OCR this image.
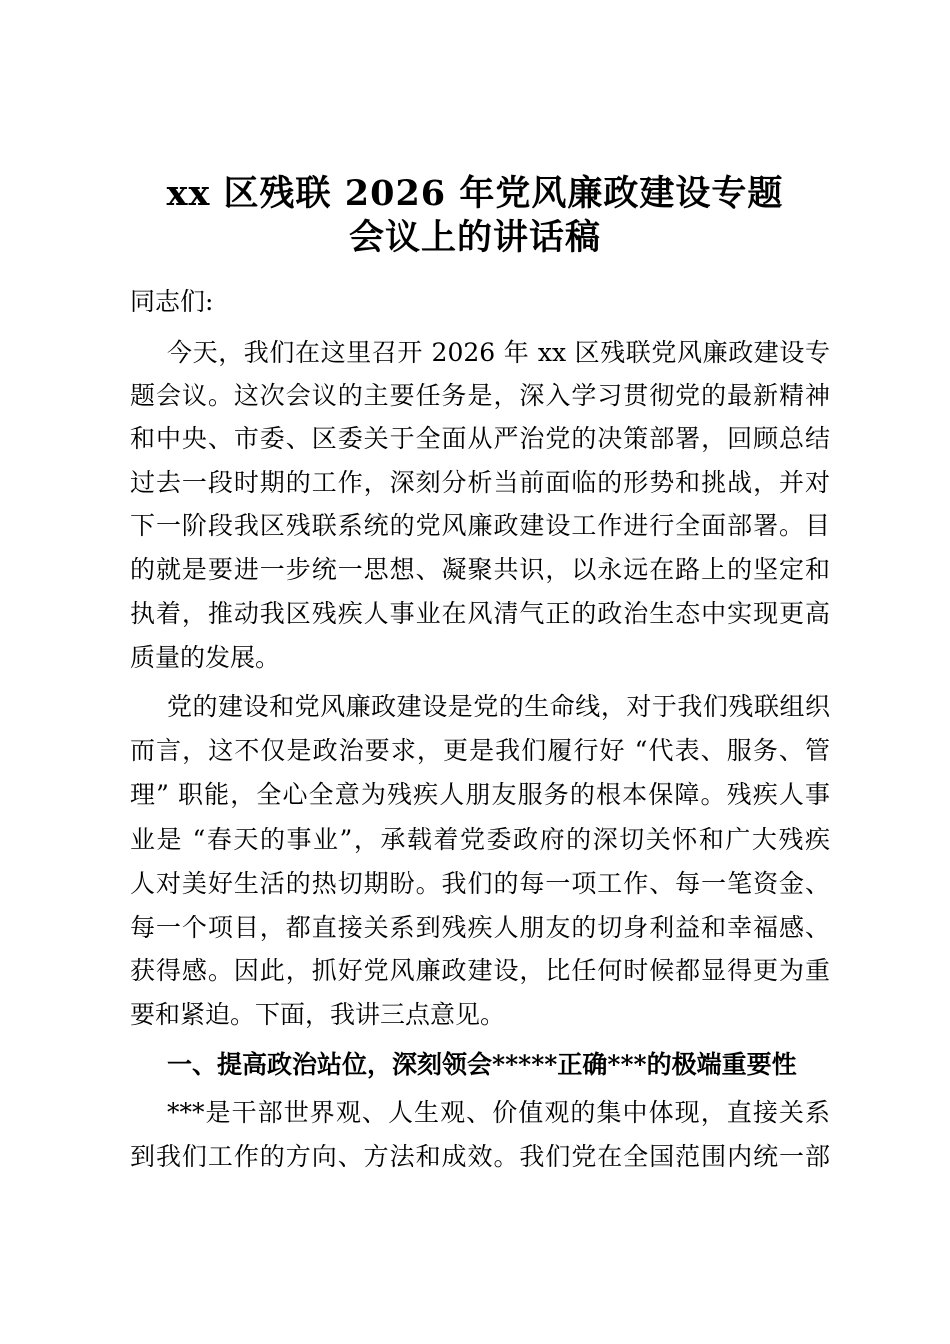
xx 区残联 2026 年党风廉政建设专题
会议上的讲话稿
同志们:
今天，我们在这里召开 2026 年 xx 区残联党风廉政建设专
题会议。这次会议的主要任务是，深入学习贯彻党的最新精神
和中央、市委、区委关于全面从严治党的决策部署，回顾总结
过去一段时期的工作，深刻分析当前面临的形势和挑战，并对
下一阶段我区残联系统的党风廉政建设工作进行全面部署。目
的就是要进一步统一思想、凝聚共识，以永远在路上的坚定和
执着，推动我区残疾人事业在风清气正的政治生态中实现更高
质量的发展。
党的建设和党风廉政建设是党的生命线，对于我们残联组织
而言，这不仅是政治要求，更是我们履行好 “代表、服务、管
理” 职能，全心全意为残疾人朋友服务的根本保障。残疾人事
业是 “春天的事业”，承载着党委政府的深切关怀和广大残疾
人对美好生活的热切期盼。我们的每一项工作、每一笔资金、
每一个项目，都直接关系到残疾人朋友的切身利益和幸福感、
获得感。因此，抓好党风廉政建设，比任何时候都显得更为重
要和紧迫。下面，我讲三点意见。
一、提高政治站位，深刻领会*****正确***的极端重要性
***是干部世界观、人生观、价值观的集中体现，直接关系
到我们工作的方向、方法和成效。我们党在全国范围内统一部
